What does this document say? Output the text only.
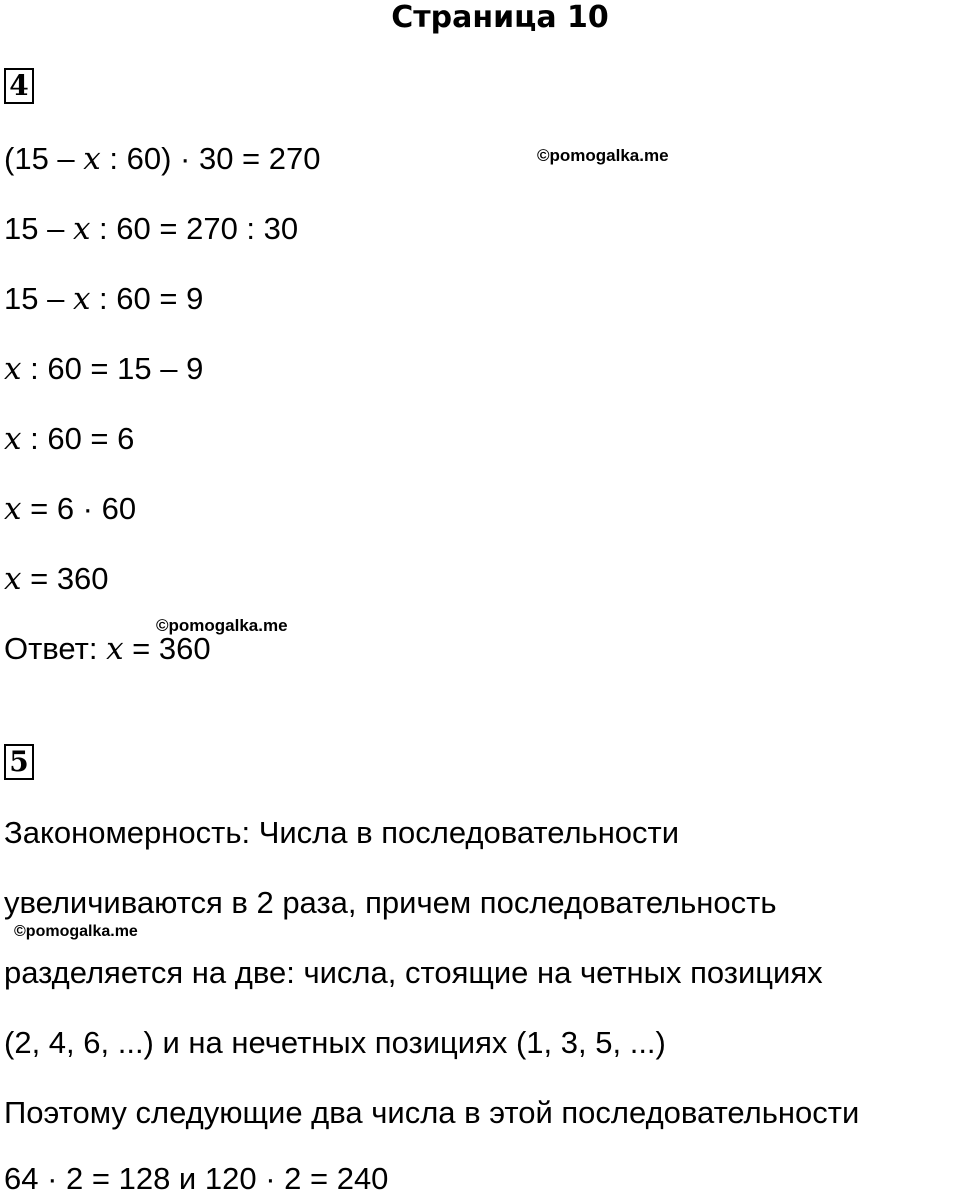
Страница 10
4
(15 – x : 60) · 30 = 270
15 – x : 60 = 270 : 30
15 – x : 60 = 9
x : 60 = 15 – 9
x : 60 = 6
x = 6 · 60
x = 360
Ответ: x = 360
©pomogalka.me
©pomogalka.me
©pomogalka.me
5
Закономерность: Числа в последовательности
увеличиваются в 2 раза, причем последовательность
разделяется на две: числа, стоящие на четных позициях
(2, 4, 6, ...) и на нечетных позициях (1, 3, 5, ...)
Поэтому следующие два числа в этой последовательности
64 · 2 = 128 и 120 · 2 = 240
